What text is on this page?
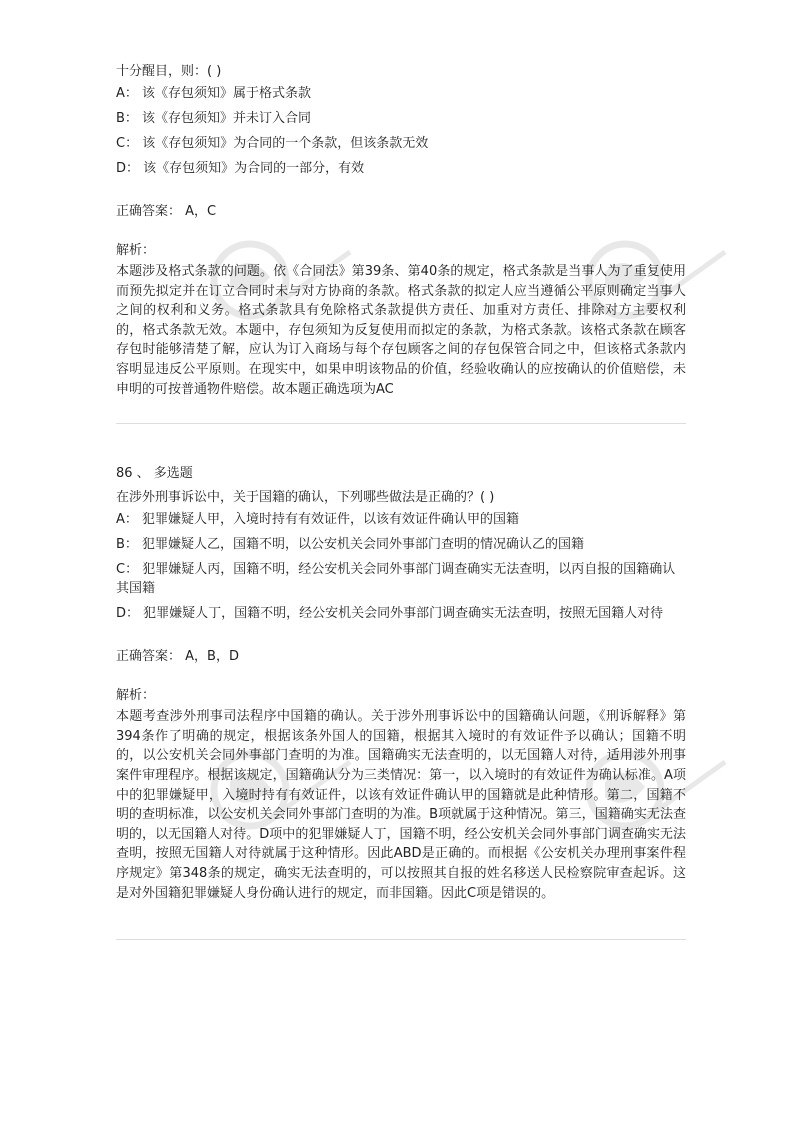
十分醒目，则：( )

A： 该《存包须知》属于格式条款

B： 该《存包须知》并未订入合同

C： 该《存包须知》为合同的一个条款，但该条款无效

D： 该《存包须知》为合同的一部分，有效

正确答案： A，C

解析：

本题涉及格式条款的问题。依《合同法》第39条、第40条的规定，格式条款是当事人为了重复使用而预先拟定并在订立合同时未与对方协商的条款。格式条款的拟定人应当遵循公平原则确定当事人之间的权利和义务。格式条款具有免除格式条款提供方责任、加重对方责任、排除对方主要权利的，格式条款无效。本题中，存包须知为反复使用而拟定的条款，为格式条款。该格式条款在顾客存包时能够清楚了解，应认为订入商场与每个存包顾客之间的存包保管合同之中，但该格式条款内容明显违反公平原则。在现实中，如果申明该物品的价值，经验收确认的应按确认的价值赔偿，未申明的可按普通物件赔偿。故本题正确选项为AC

86 、 多选题

在涉外刑事诉讼中，关于国籍的确认，下列哪些做法是正确的？( )

A： 犯罪嫌疑人甲，入境时持有有效证件，以该有效证件确认甲的国籍

B： 犯罪嫌疑人乙，国籍不明，以公安机关会同外事部门查明的情况确认乙的国籍

C： 犯罪嫌疑人丙，国籍不明，经公安机关会同外事部门调查确实无法查明，以丙自报的国籍确认其国籍

D： 犯罪嫌疑人丁，国籍不明，经公安机关会同外事部门调查确实无法查明，按照无国籍人对待

正确答案： A，B，D

解析：

本题考查涉外刑事司法程序中国籍的确认。关于涉外刑事诉讼中的国籍确认问题，《刑诉解释》第394条作了明确的规定，根据该条外国人的国籍，根据其入境时的有效证件予以确认；国籍不明的，以公安机关会同外事部门查明的为准。国籍确实无法查明的，以无国籍人对待，适用涉外刑事案件审理程序。根据该规定，国籍确认分为三类情况：第一，以入境时的有效证件为确认标准。A项中的犯罪嫌疑甲，入境时持有有效证件，以该有效证件确认甲的国籍就是此种情形。第二，国籍不明的查明标准，以公安机关会同外事部门查明的为准。B项就属于这种情况。第三，国籍确实无法查明的，以无国籍人对待。D项中的犯罪嫌疑人丁，国籍不明，经公安机关会同外事部门调查确实无法查明，按照无国籍人对待就属于这种情形。因此ABD是正确的。而根据《公安机关办理刑事案件程序规定》第348条的规定，确实无法查明的，可以按照其自报的姓名移送人民检察院审查起诉。这是对外国籍犯罪嫌疑人身份确认进行的规定，而非国籍。因此C项是错误的。
